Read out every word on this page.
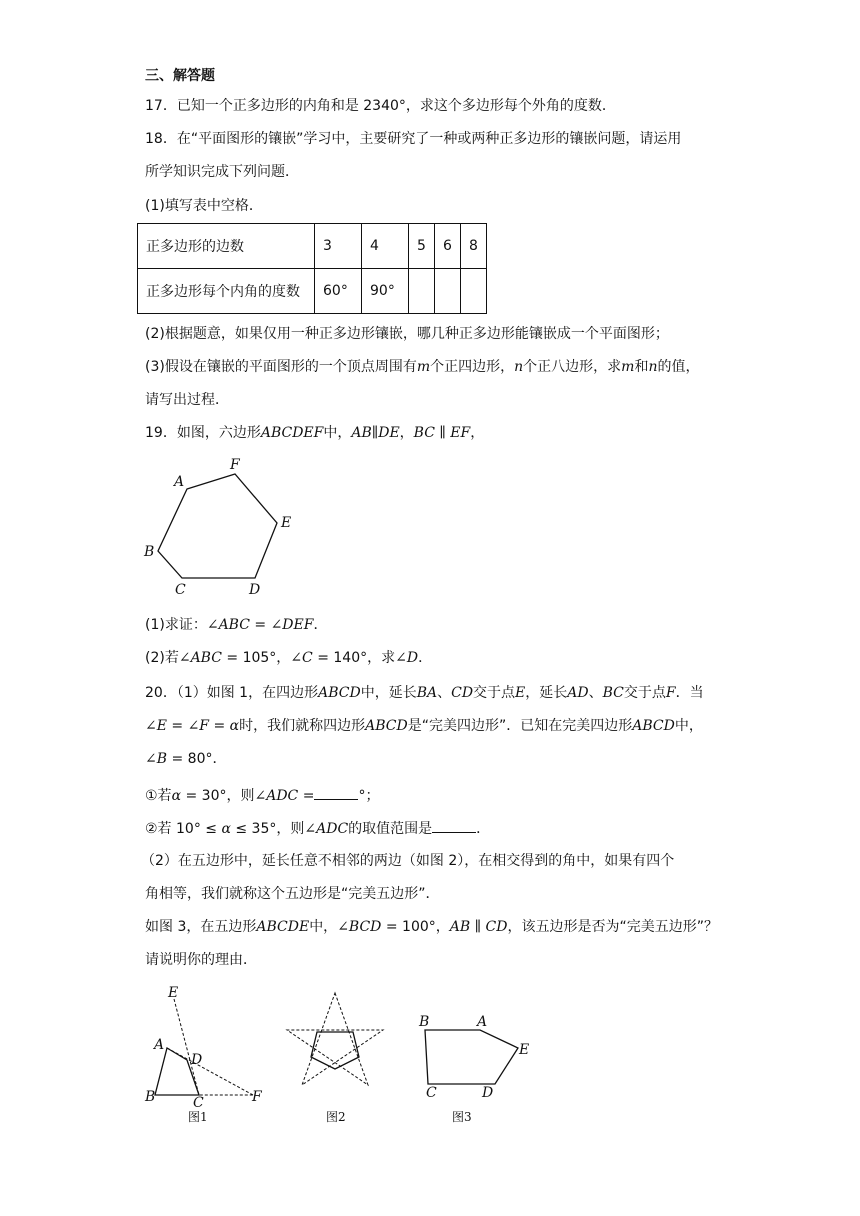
三、解答题
17．已知一个正多边形的内角和是 2340°，求这个多边形每个外角的度数．
18．在“平面图形的镶嵌”学习中，主要研究了一种或两种正多边形的镶嵌问题，请运用
所学知识完成下列问题．
(1)填写表中空格．
正多边形的边数	3	4	5	6	8
正多边形每个内角的度数	60°	90°			
(2)根据题意，如果仅用一种正多边形镶嵌，哪几种正多边形能镶嵌成一个平面图形；
(3)假设在镶嵌的平面图形的一个顶点周围有m个正四边形，n个正八边形，求m和n的值，
请写出过程．
19．如图，六边形ABCDEF中，AB∥DE，BC ∥ EF，
A
F
E
B
C	D
(1)求证：∠ABC = ∠DEF．
(2)若∠ABC = 105°，∠C = 140°，求∠D．
20．（1）如图 1，在四边形ABCD中，延长BA、CD交于点E，延长AD、BC交于点F．当
∠E = ∠F = α时，我们就称四边形ABCD是“完美四边形”．已知在完美四边形ABCD中，
∠B = 80°．
①若α = 30°，则∠ADC =	°；
②若 10° ≤ α ≤ 35°，则∠ADC的取值范围是	．
（2）在五边形中，延长任意不相邻的两边（如图 2），在相交得到的角中，如果有四个
角相等，我们就称这个五边形是“完美五边形”．
如图 3，在五边形ABCDE中，∠BCD = 100°，AB ∥ CD，该五边形是否为“完美五边形”？
请说明你的理由．
E
A
D
B	C	F
图1	图2
B	A
E
C	D
图3
